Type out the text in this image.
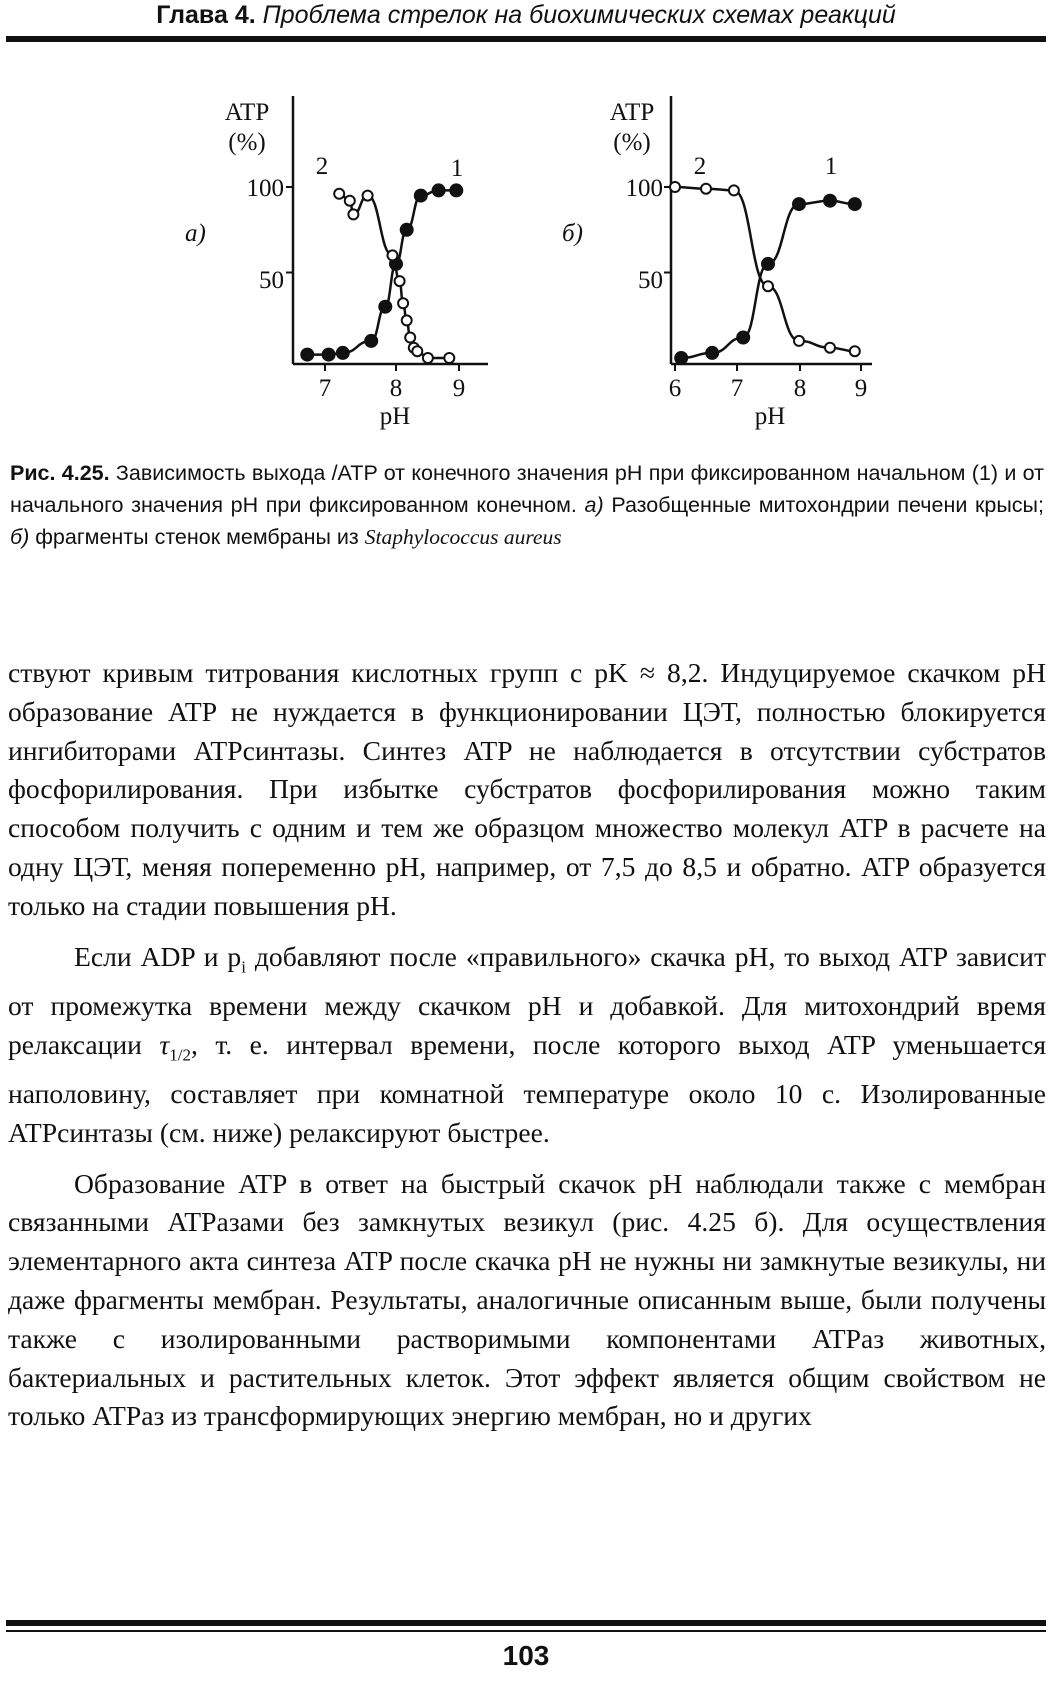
Глава 4. Проблема стрелок на биохимических схемах реакций
а)
ATP
(%)
100
50
7 8 9
pH
1
2
б)
ATP
(%)
100
50
6 7 8 9
pH
1
2
Рис. 4.25. Зависимость выхода /ATP от конечного значения pH при фиксированном начальном (1) и от начального значения pH при фиксированном конечном. а) Разобщенные митохондрии печени крысы; б) фрагменты стенок мембраны из Staphylococcus aureus

ствуют кривым титрования кислотных групп с pK ≈ 8,2. Индуцируемое скачком pH образование ATP не нуждается в функционировании ЦЭТ, полностью блокируется ингибиторами ATPсинтазы. Синтез ATP не наблюдается в отсутствии субстратов фосфорилирования. При избытке субстратов фосфорилирования можно таким способом получить с одним и тем же образцом множество молекул ATP в расчете на одну ЦЭТ, меняя попеременно pH, например, от 7,5 до 8,5 и обратно. ATP образуется только на стадии повышения pH.

Если ADP и $p_i$ добавляют после «правильного» скачка pH, то выход ATP зависит от промежутка времени между скачком pH и добавкой. Для митохондрий время релаксации $\tau_{1/2}$, т. е. интервал времени, после которого выход ATP уменьшается наполовину, составляет при комнатной температуре около 10 с. Изолированные ATPсинтазы (см. ниже) релаксируют быстрее.

Образование ATP в ответ на быстрый скачок pH наблюдали также с мембран связанными ATPазами без замкнутых везикул (рис. 4.25 б). Для осуществления элементарного акта синтеза ATP после скачка pH не нужны ни замкнутые везикулы, ни даже фрагменты мембран. Результаты, аналогичные описанным выше, были получены также с изолированными растворимыми компонентами ATPаз животных, бактериальных и растительных клеток. Этот эффект является общим свойством не только ATPаз из трансформирующих энергию мембран, но и других

103
